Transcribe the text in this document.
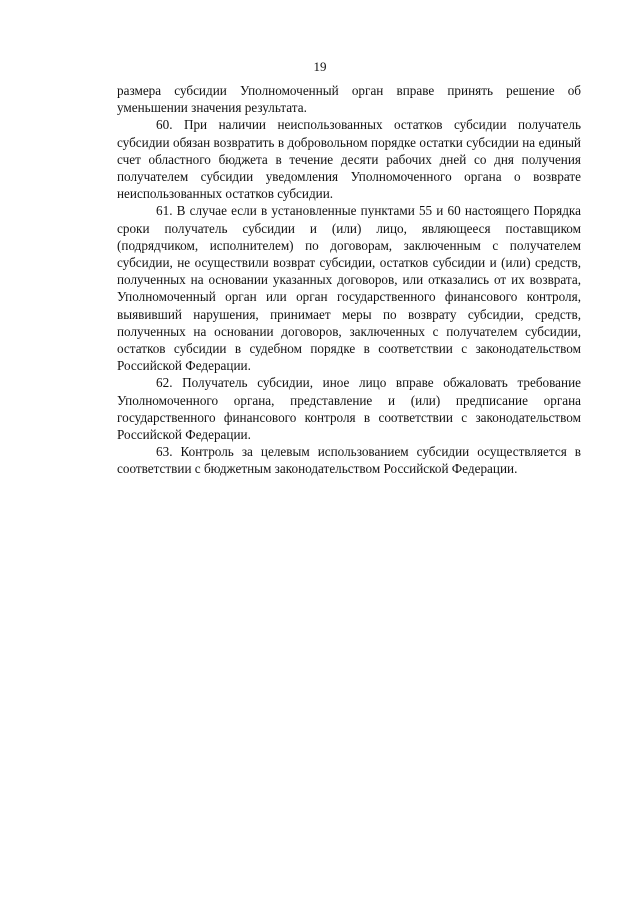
19

размера субсидии Уполномоченный орган вправе принять решение об уменьшении значения результата.

60. При наличии неиспользованных остатков субсидии получатель субсидии обязан возвратить в добровольном порядке остатки субсидии на единый счет областного бюджета в течение десяти рабочих дней со дня получения получателем субсидии уведомления Уполномоченного органа о возврате неиспользованных остатков субсидии.

61. В случае если в установленные пунктами 55 и 60 настоящего Порядка сроки получатель субсидии и (или) лицо, являющееся поставщиком (подрядчиком, исполнителем) по договорам, заключенным с получателем субсидии, не осуществили возврат субсидии, остатков субсидии и (или) средств, полученных на основании указанных договоров, или отказались от их возврата, Уполномоченный орган или орган государственного финансового контроля, выявивший нарушения, принимает меры по возврату субсидии, средств, полученных на основании договоров, заключенных с получателем субсидии, остатков субсидии в судебном порядке в соответствии с законодательством Российской Федерации.

62. Получатель субсидии, иное лицо вправе обжаловать требование Уполномоченного органа, представление и (или) предписание органа государственного финансового контроля в соответствии с законодательством Российской Федерации.

63. Контроль за целевым использованием субсидии осуществляется в соответствии с бюджетным законодательством Российской Федерации.
